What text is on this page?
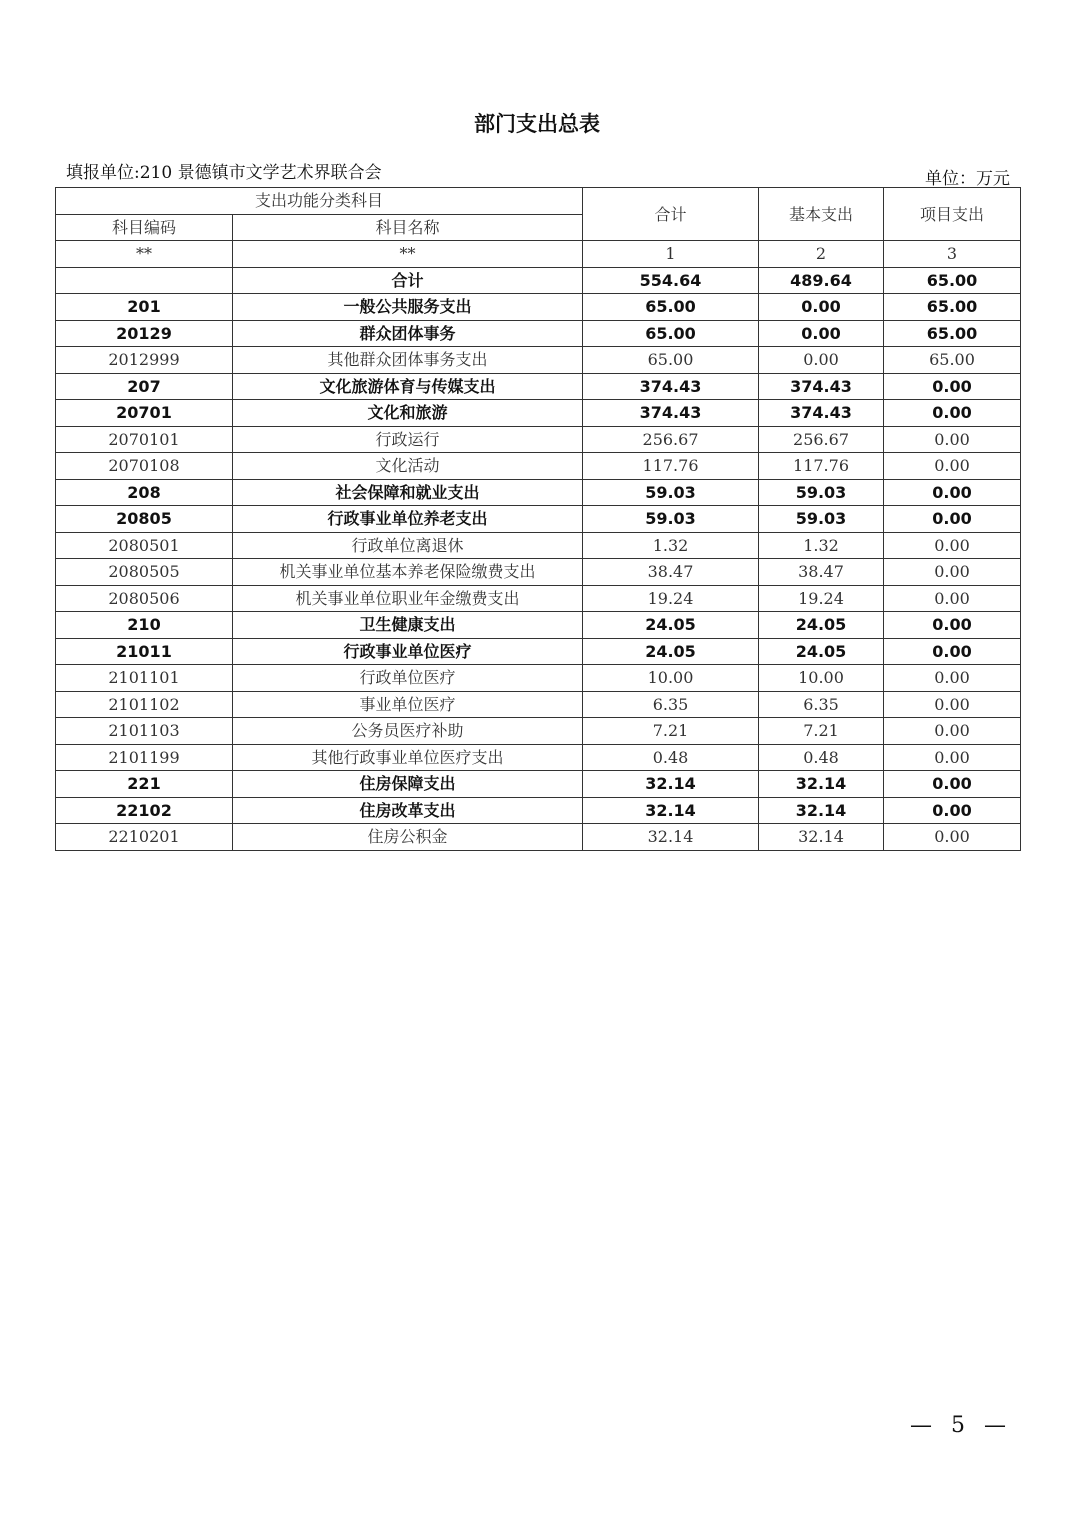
部门支出总表
填报单位:210 景德镇市文学艺术界联合会	单位：万元
支出功能分类科目		合计	基本支出	项目支出
科目编码	科目名称			
**	**	1	2	3
	合计	554.64	489.64	65.00
201	一般公共服务支出	65.00	0.00	65.00
20129	群众团体事务	65.00	0.00	65.00
2012999	其他群众团体事务支出	65.00	0.00	65.00
207	文化旅游体育与传媒支出	374.43	374.43	0.00
20701	文化和旅游	374.43	374.43	0.00
2070101	行政运行	256.67	256.67	0.00
2070108	文化活动	117.76	117.76	0.00
208	社会保障和就业支出	59.03	59.03	0.00
20805	行政事业单位养老支出	59.03	59.03	0.00
2080501	行政单位离退休	1.32	1.32	0.00
2080505	机关事业单位基本养老保险缴费支出	38.47	38.47	0.00
2080506	机关事业单位职业年金缴费支出	19.24	19.24	0.00
210	卫生健康支出	24.05	24.05	0.00
21011	行政事业单位医疗	24.05	24.05	0.00
2101101	行政单位医疗	10.00	10.00	0.00
2101102	事业单位医疗	6.35	6.35	0.00
2101103	公务员医疗补助	7.21	7.21	0.00
2101199	其他行政事业单位医疗支出	0.48	0.48	0.00
221	住房保障支出	32.14	32.14	0.00
22102	住房改革支出	32.14	32.14	0.00
2210201	住房公积金	32.14	32.14	0.00
— 5 —
